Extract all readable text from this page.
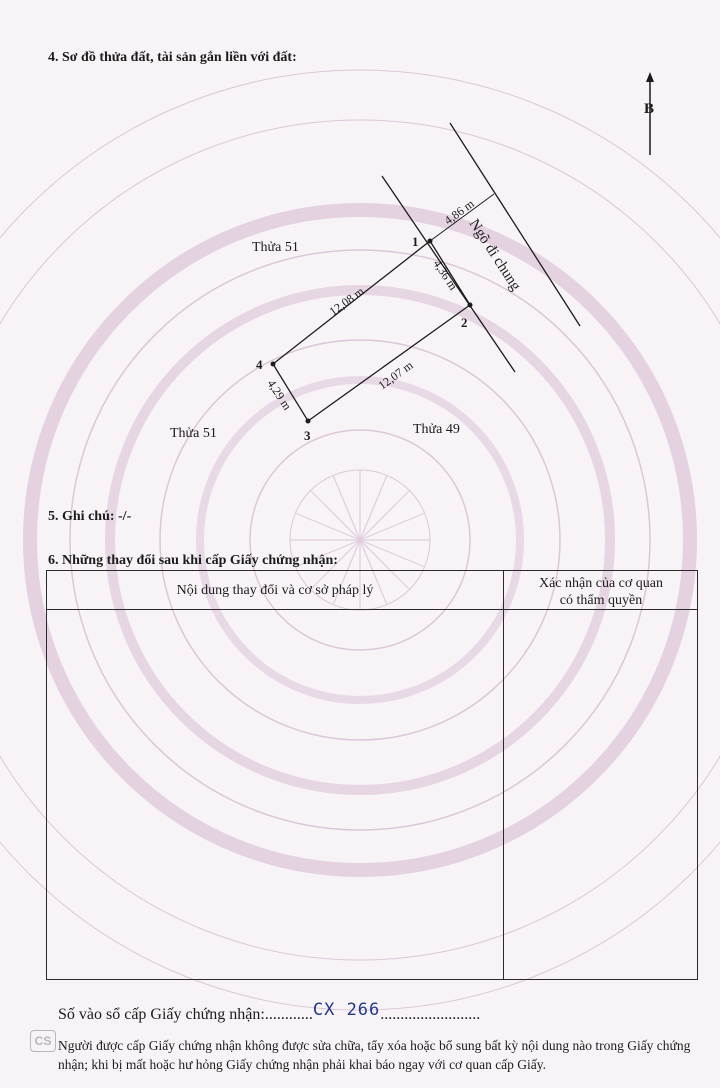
4. Sơ đồ thửa đất, tài sản gắn liền với đất:
B
1
2
3
4
Thửa 51
Thửa 51	Thửa 49
4,86 m
4,36 m
12,08 m
12,07 m
4,29 m
Ngõ đi chung
5. Ghi chú: -/-
6. Những thay đổi sau khi cấp Giấy chứng nhận:
Nội dung thay đổi và cơ sở pháp lý	Xác nhận của cơ quan
có thẩm quyền
Số vào sổ cấp Giấy chứng nhận:............CX 266.........................
CS Người được cấp Giấy chứng nhận không được sửa chữa, tẩy xóa hoặc bổ sung bất kỳ nội dung nào trong Giấy chứng nhận; khi bị mất hoặc hư hỏng Giấy chứng nhận phải khai báo ngay với cơ quan cấp Giấy.
